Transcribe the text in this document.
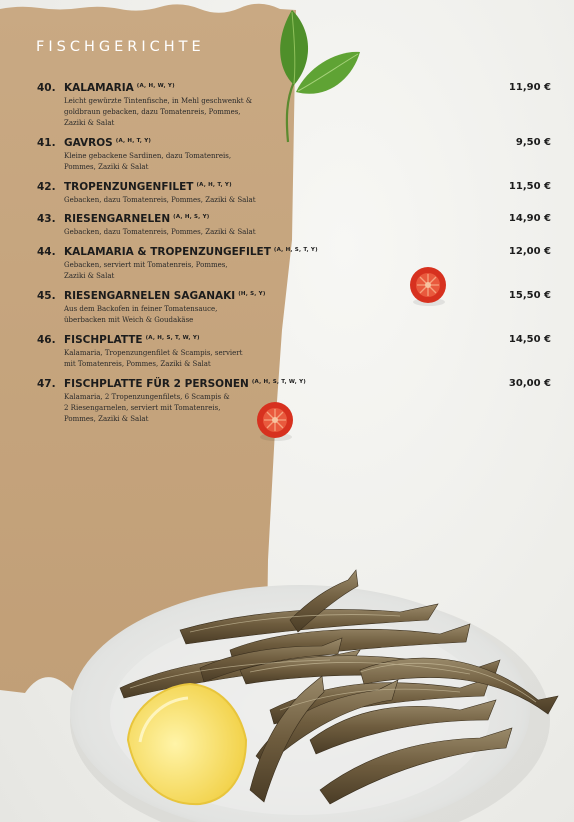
FISCHGERICHTE
40. KALAMARIA $^{(A, H, W, Y)}$
Leicht gewürzte Tintenfische, in Mehl geschwenkt & goldbraun gebacken, dazu Tomatenreis, Pommes, Zaziki & Salat
11,90 €
41. GAVROS $^{(A, H, T, Y)}$
Kleine gebackene Sardinen, dazu Tomatenreis, Pommes, Zaziki & Salat
9,50 €
42. TROPENZUNGENFILET $^{(A, H, T, Y)}$
Gebacken, dazu Tomatenreis, Pommes, Zaziki & Salat
11,50 €
43. RIESENGARNELEN $^{(A, H, S, Y)}$
Gebacken, dazu Tomatenreis, Pommes, Zaziki & Salat
14,90 €
44. KALAMARIA & TROPENZUNGEFILET $^{(A, H, S, T, Y)}$
Gebacken, serviert mit Tomatenreis, Pommes, Zaziki & Salat
12,00 €
45. RIESENGARNELEN SAGANAKI $^{(H, S, Y)}$
Aus dem Backofen in feiner Tomatensauce, überbacken mit Weich & Goudakäse
15,50 €
46. FISCHPLATTE $^{(A, H, S, T, W, Y)}$
Kalamaria, Tropenzungenfilet & Scampis, serviert mit Tomatenreis, Pommes, Zaziki & Salat
14,50 €
47. FISCHPLATTE FÜR 2 PERSONEN $^{(A, H, S, T, W, Y)}$
Kalamaria, 2 Tropenzungenfilets, 6 Scampis & 2 Riesengarnelen, serviert mit Tomatenreis, Pommes, Zaziki & Salat
30,00 €
